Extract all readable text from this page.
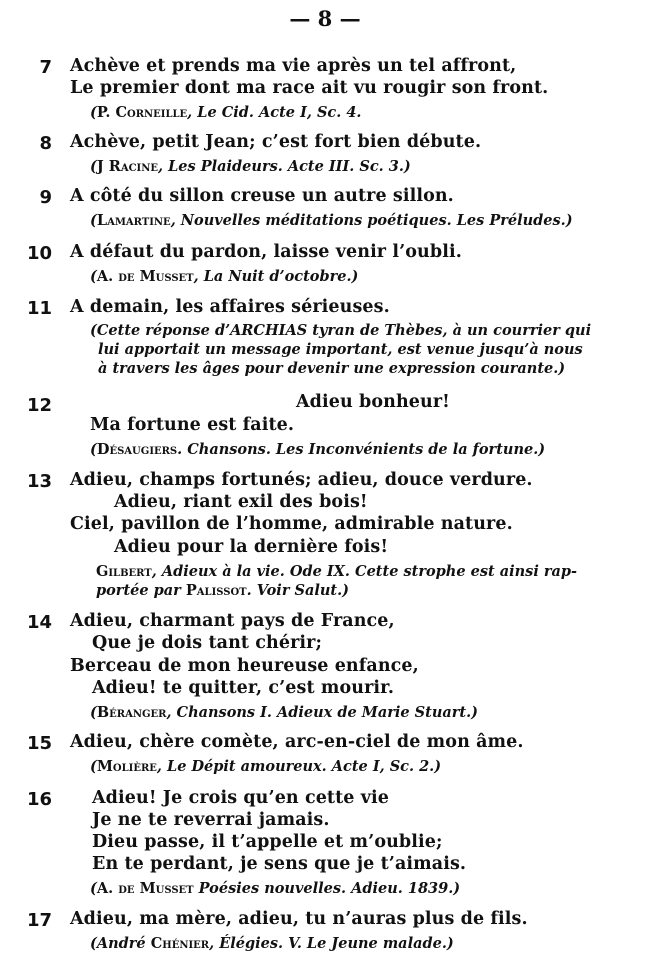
— 8 —
7 Achève et prends ma vie après un tel affront,
Le premier dont ma race ait vu rougir son front.
(P. Corneille, Le Cid. Acte I, Sc. 4.
8 Achève, petit Jean; c’est fort bien débute.
(J Racine, Les Plaideurs. Acte III. Sc. 3.)
9 A côté du sillon creuse un autre sillon.
(Lamartine, Nouvelles méditations poétiques. Les Préludes.)
10 A défaut du pardon, laisse venir l’oubli.
(A. de Musset, La Nuit d’octobre.)
11 A demain, les affaires sérieuses.
(Cette réponse d’ARCHIAS tyran de Thèbes, à un courrier qui
lui apportait un message important, est venue jusqu’à nous
à travers les âges pour devenir une expression courante.)
12	Adieu bonheur!
Ma fortune est faite.
(Désaugiers. Chansons. Les Inconvénients de la fortune.)
13 Adieu, champs fortunés; adieu, douce verdure.
Adieu, riant exil des bois!
Ciel, pavillon de l’homme, admirable nature.
Adieu pour la dernière fois!
Gilbert, Adieux à la vie. Ode IX. Cette strophe est ainsi rap-
portée par Palissot. Voir Salut.)
14 Adieu, charmant pays de France,
Que je dois tant chérir;
Berceau de mon heureuse enfance,
Adieu! te quitter, c’est mourir.
(Béranger, Chansons I. Adieux de Marie Stuart.)
15 Adieu, chère comète, arc-en-ciel de mon âme.
(Molière, Le Dépit amoureux. Acte I, Sc. 2.)
16 Adieu! Je crois qu’en cette vie
Je ne te reverrai jamais.
Dieu passe, il t’appelle et m’oublie;
En te perdant, je sens que je t’aimais.
(A. de Musset Poésies nouvelles. Adieu. 1839.)
17 Adieu, ma mère, adieu, tu n’auras plus de fils.
(André Chénier, Élégies. V. Le Jeune malade.)
